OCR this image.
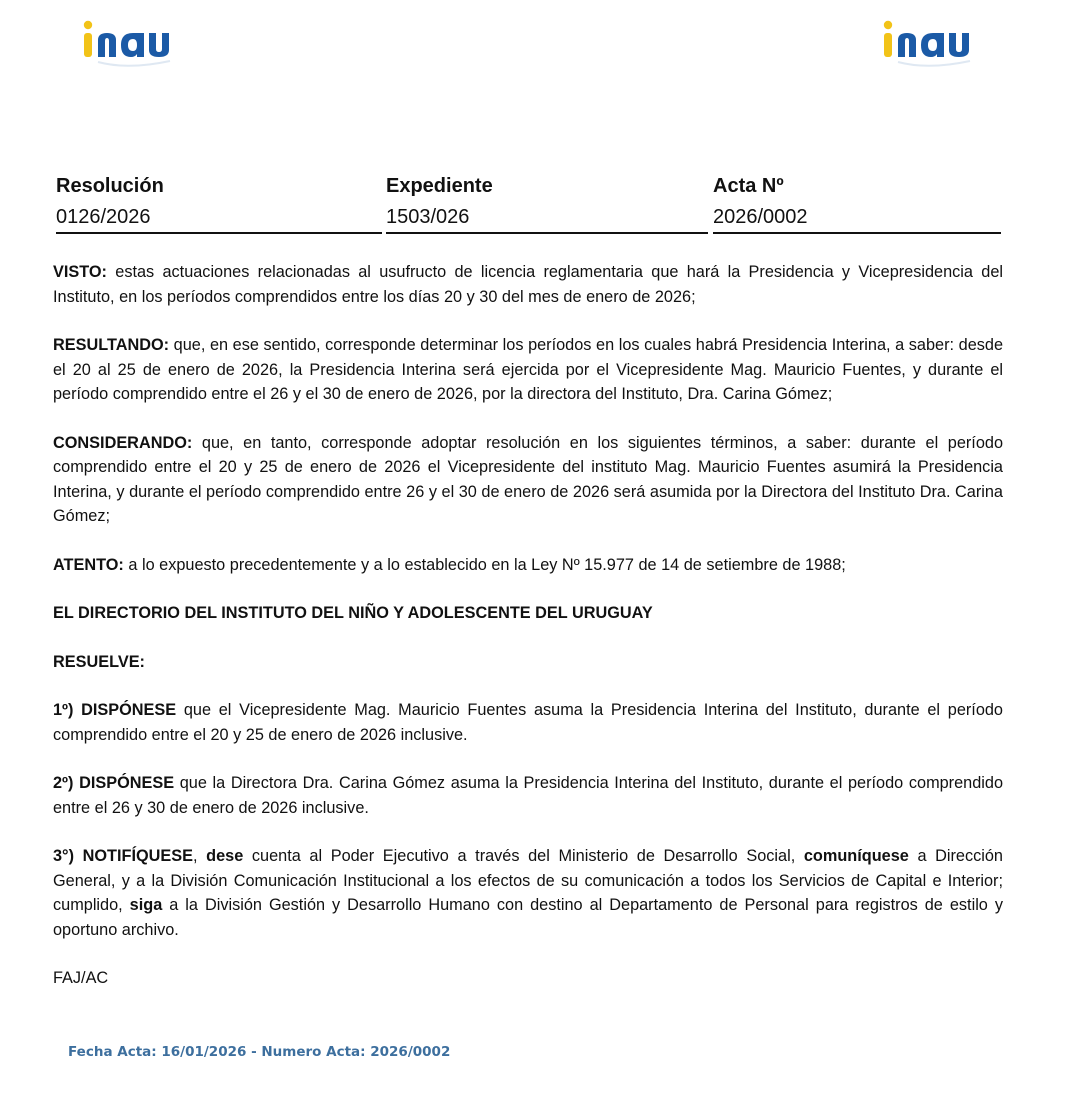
Resolución
0126/2026
Expediente
1503/026
Acta Nº
2026/0002

VISTO: estas actuaciones relacionadas al usufructo de licencia reglamentaria que hará la Presidencia y Vicepresidencia del Instituto, en los períodos comprendidos entre los días 20 y 30 del mes de enero de 2026;

RESULTANDO: que, en ese sentido, corresponde determinar los períodos en los cuales habrá Presidencia Interina, a saber: desde el 20 al 25 de enero de 2026, la Presidencia Interina será ejercida por el Vicepresidente Mag. Mauricio Fuentes, y durante el período comprendido entre el 26 y el 30 de enero de 2026, por la directora del Instituto, Dra. Carina Gómez;

CONSIDERANDO: que, en tanto, corresponde adoptar resolución en los siguientes términos, a saber: durante el período comprendido entre el 20 y 25 de enero de 2026 el Vicepresidente del instituto Mag. Mauricio Fuentes asumirá la Presidencia Interina, y durante el período comprendido entre 26 y el 30 de enero de 2026 será asumida por la Directora del Instituto Dra. Carina Gómez;

ATENTO: a lo expuesto precedentemente y a lo establecido en la Ley Nº 15.977 de 14 de setiembre de 1988;

EL DIRECTORIO DEL INSTITUTO DEL NIÑO Y ADOLESCENTE DEL URUGUAY

RESUELVE:

1º) DISPÓNESE que el Vicepresidente Mag. Mauricio Fuentes asuma la Presidencia Interina del Instituto, durante el período comprendido entre el 20 y 25 de enero de 2026 inclusive.

2º) DISPÓNESE que la Directora Dra. Carina Gómez asuma la Presidencia Interina del Instituto, durante el período comprendido entre el 26 y 30 de enero de 2026 inclusive.

3°) NOTIFÍQUESE, dese cuenta al Poder Ejecutivo a través del Ministerio de Desarrollo Social, comuníquese a Dirección General, y a la División Comunicación Institucional a los efectos de su comunicación a todos los Servicios de Capital e Interior; cumplido, siga a la División Gestión y Desarrollo Humano con destino al Departamento de Personal para registros de estilo y oportuno archivo.

FAJ/AC

Fecha Acta: 16/01/2026 - Numero Acta: 2026/0002
